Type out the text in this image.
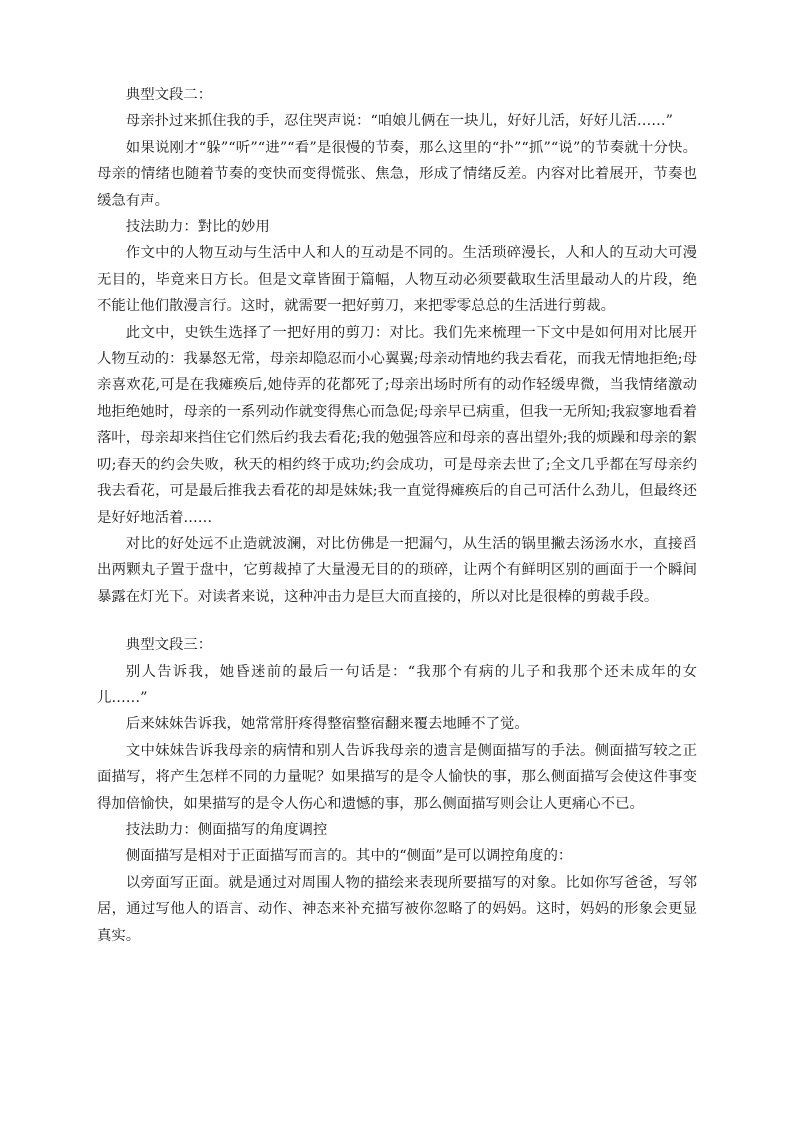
典型文段二：

母亲扑过来抓住我的手，忍住哭声说：“咱娘儿俩在一块儿，好好儿活，好好儿活……”

如果说刚才“躲”“听”“进”“看”是很慢的节奏，那么这里的“扑”“抓”“说”的节奏就十分快。母亲的情绪也随着节奏的变快而变得慌张、焦急，形成了情绪反差。内容对比着展开，节奏也缓急有声。

技法助力：對比的妙用

作文中的人物互动与生活中人和人的互动是不同的。生活琐碎漫长，人和人的互动大可漫无目的，毕竟来日方长。但是文章皆囿于篇幅，人物互动必须要截取生活里最动人的片段，绝不能让他们散漫言行。这时，就需要一把好剪刀，来把零零总总的生活进行剪裁。

此文中，史铁生选择了一把好用的剪刀：对比。我们先来梳理一下文中是如何用对比展开人物互动的：我暴怒无常，母亲却隐忍而小心翼翼;母亲动情地约我去看花，而我无情地拒绝;母亲喜欢花,可是在我瘫痪后,她侍弄的花都死了;母亲出场时所有的动作轻缓卑微，当我情绪激动地拒绝她时，母亲的一系列动作就变得焦心而急促;母亲早已病重，但我一无所知;我寂寥地看着落叶，母亲却来挡住它们然后约我去看花;我的勉强答应和母亲的喜出望外;我的烦躁和母亲的絮叨;春天的约会失败，秋天的相约终于成功;约会成功，可是母亲去世了;全文几乎都在写母亲约我去看花，可是最后推我去看花的却是妹妹;我一直觉得瘫痪后的自己可活什么劲儿，但最终还是好好地活着……

对比的好处远不止造就波澜，对比仿佛是一把漏勺，从生活的锅里撇去汤汤水水，直接舀出两颗丸子置于盘中，它剪裁掉了大量漫无目的的琐碎，让两个有鲜明区别的画面于一个瞬间暴露在灯光下。对读者来说，这种冲击力是巨大而直接的，所以对比是很棒的剪裁手段。

典型文段三：

别人告诉我，她昏迷前的最后一句话是：“我那个有病的儿子和我那个还未成年的女儿……”

后来妹妹告诉我，她常常肝疼得整宿整宿翻来覆去地睡不了觉。

文中妹妹告诉我母亲的病情和别人告诉我母亲的遗言是侧面描写的手法。侧面描写较之正面描写，将产生怎样不同的力量呢？如果描写的是令人愉快的事，那么侧面描写会使这件事变得加倍愉快，如果描写的是令人伤心和遗憾的事，那么侧面描写则会让人更痛心不已。

技法助力：侧面描写的角度调控

侧面描写是相对于正面描写而言的。其中的“侧面”是可以调控角度的：

以旁面写正面。就是通过对周围人物的描绘来表现所要描写的对象。比如你写爸爸，写邻居，通过写他人的语言、动作、神态来补充描写被你忽略了的妈妈。这时，妈妈的形象会更显真实。
